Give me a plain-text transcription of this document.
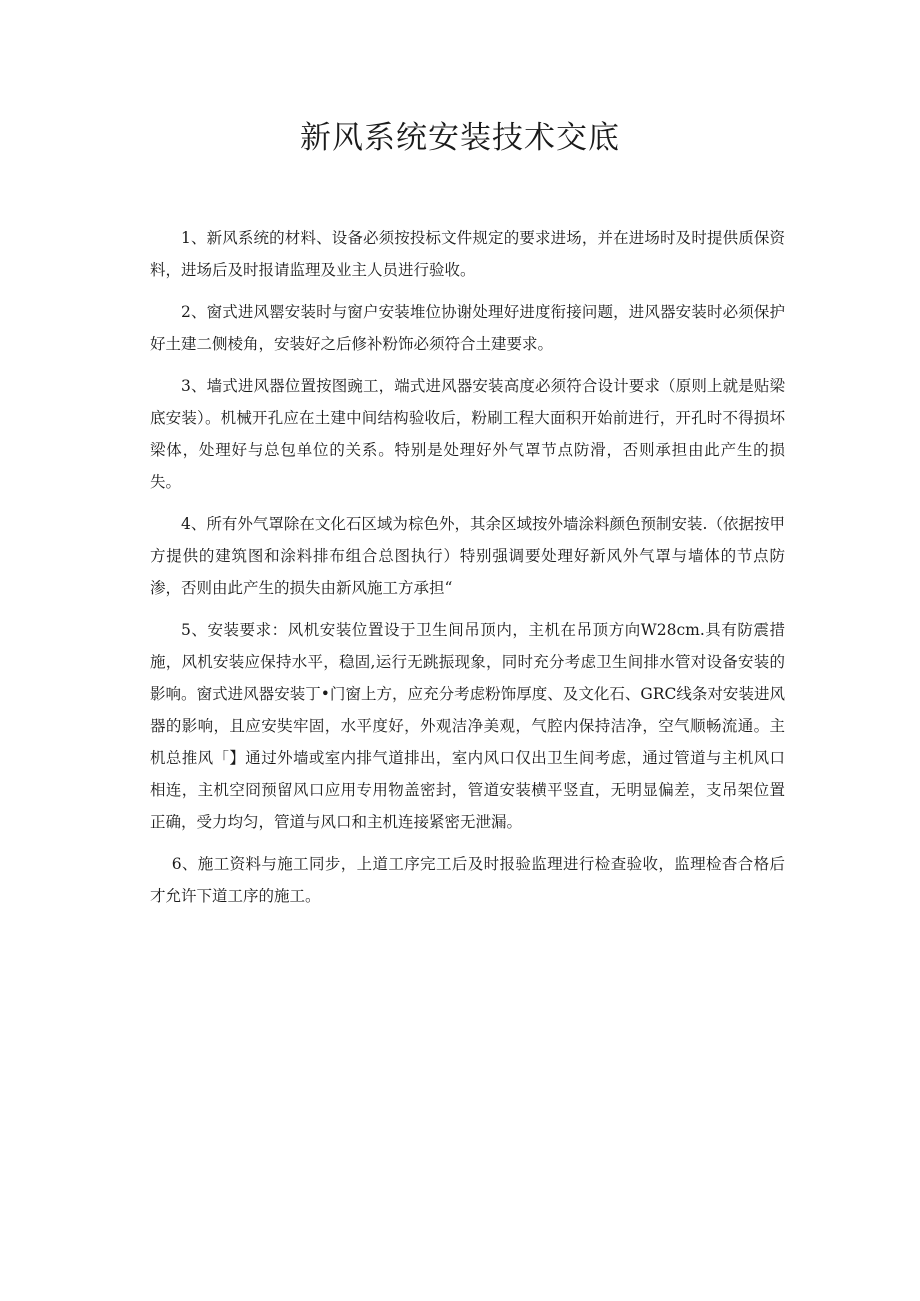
新风系统安装技术交底

1、新风系统的材料、设备必须按投标文件规定的要求进场，并在进场时及时提供质保资料，进场后及时报请监理及业主人员进行验收。

2、窗式进风罂安装时与窗户安装堆位协谢处理好进度衔接问题，进风器安装时必须保护好土建二侧棱角，安装好之后修补粉饰必须符合土建要求。

3、墙式进风器位置按图豌工，端式进风器安装高度必须符合设计要求（原则上就是贴梁底安装）。机械开孔应在土建中间结构验收后，粉刷工程大面积开始前进行，开孔时不得损坏梁体，处理好与总包单位的关系。特别是处理好外气罩节点防滑，否则承担由此产生的损失。

4、所有外气罩除在文化石区域为棕色外，其余区域按外墙涂料颜色预制安装.（依据按甲方提供的建筑图和涂料排布组合总图执行）特别强调要处理好新风外气罩与墙体的节点防渗，否则由此产生的损失由新风施工方承担“

5、安装要求：风机安装位置设于卫生间吊顶内，主机在吊顶方向W28cm.具有防震措施，风机安装应保持水平，稳固,运行无跳振现象，同时充分考虑卫生间排水管对设备安装的影响。窗式进风器安装丁•门窗上方，应充分考虑粉饰厚度、及文化石、GRC线条对安装进风器的影响，且应安奘牢固，水平度好，外观洁净美观，气腔内保持洁净，空气顺畅流通。主机总推风「】通过外墙或室内排气道排出，室内风口仅出卫生间考虑，通过管道与主机风口相连，主机空冏预留风口应用专用物盖密封，管道安装横平竖直，无明显偏差，支吊架位置正确，受力均匀，管道与风口和主机连接紧密无泄漏。

6、施工资料与施工同步，上道工序完工后及时报验监理进行检查验收，监理检杳合格后才允许下道工序的施工。
